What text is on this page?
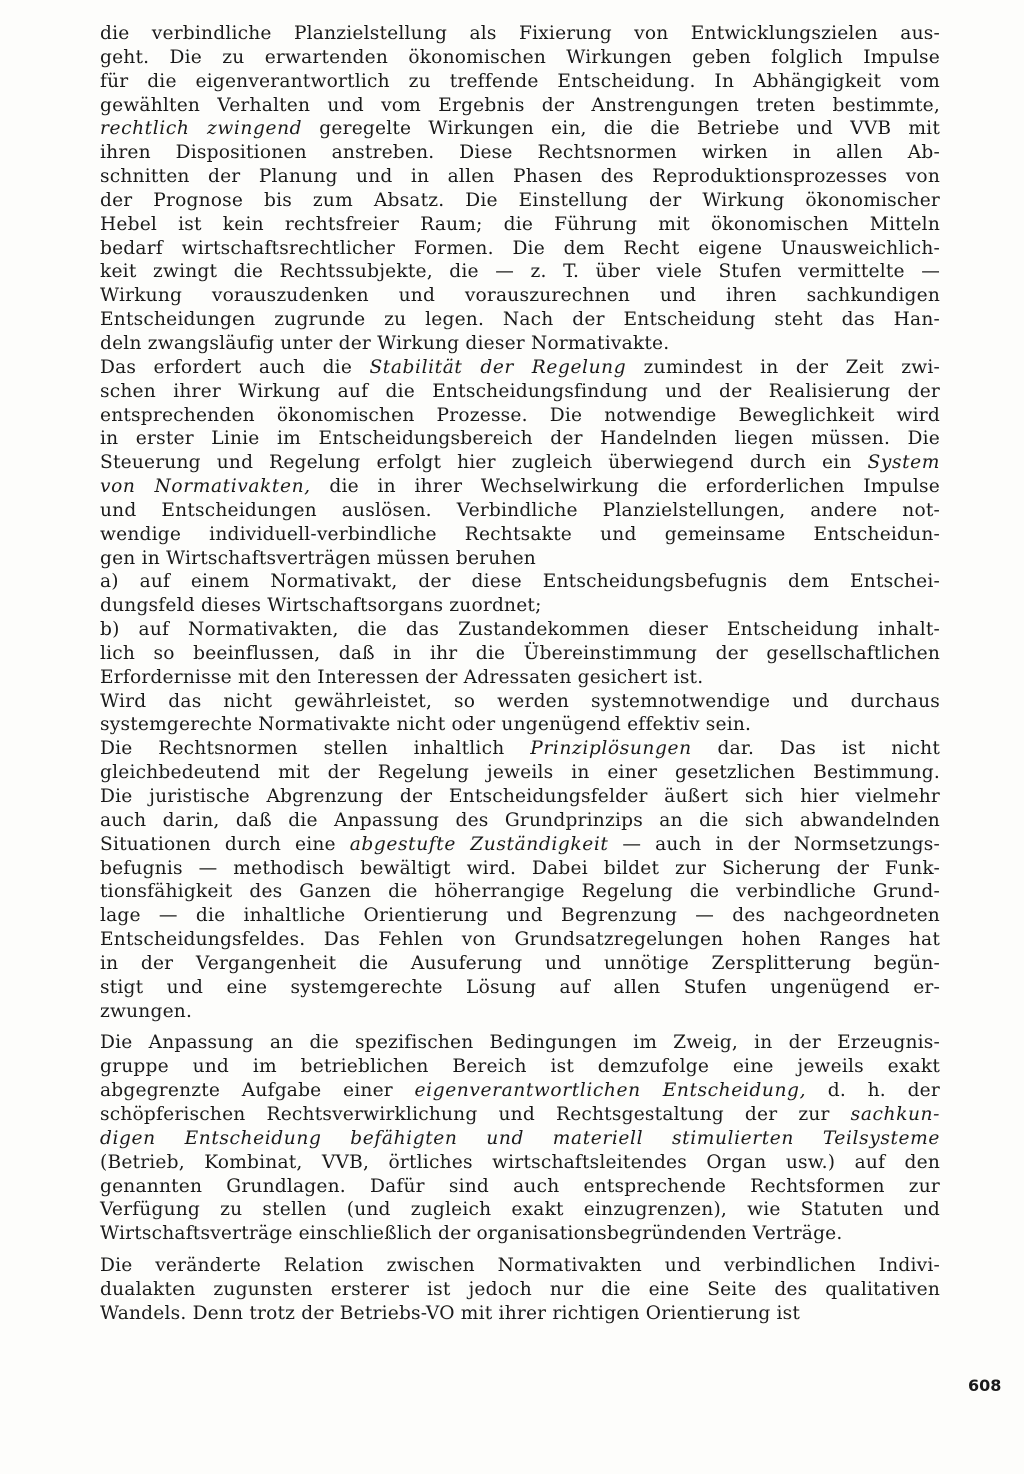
die verbindliche Planzielstellung als Fixierung von Entwicklungszielen aus-
geht. Die zu erwartenden ökonomischen Wirkungen geben folglich Impulse
für die eigenverantwortlich zu treffende Entscheidung. In Abhängigkeit vom
gewählten Verhalten und vom Ergebnis der Anstrengungen treten bestimmte,
rechtlich zwingend geregelte Wirkungen ein, die die Betriebe und VVB mit
ihren Dispositionen anstreben. Diese Rechtsnormen wirken in allen Ab-
schnitten der Planung und in allen Phasen des Reproduktionsprozesses von
der Prognose bis zum Absatz. Die Einstellung der Wirkung ökonomischer
Hebel ist kein rechtsfreier Raum; die Führung mit ökonomischen Mitteln
bedarf wirtschaftsrechtlicher Formen. Die dem Recht eigene Unausweichlich-
keit zwingt die Rechtssubjekte, die — z. T. über viele Stufen vermittelte —
Wirkung vorauszudenken und vorauszurechnen und ihren sachkundigen
Entscheidungen zugrunde zu legen. Nach der Entscheidung steht das Han-
deln zwangsläufig unter der Wirkung dieser Normativakte.
Das erfordert auch die Stabilität der Regelung zumindest in der Zeit zwi-
schen ihrer Wirkung auf die Entscheidungsfindung und der Realisierung der
entsprechenden ökonomischen Prozesse. Die notwendige Beweglichkeit wird
in erster Linie im Entscheidungsbereich der Handelnden liegen müssen. Die
Steuerung und Regelung erfolgt hier zugleich überwiegend durch ein System
von Normativakten, die in ihrer Wechselwirkung die erforderlichen Impulse
und Entscheidungen auslösen. Verbindliche Planzielstellungen, andere not-
wendige individuell-verbindliche Rechtsakte und gemeinsame Entscheidun-
gen in Wirtschaftsverträgen müssen beruhen
a) auf einem Normativakt, der diese Entscheidungsbefugnis dem Entschei-
dungsfeld dieses Wirtschaftsorgans zuordnet;
b) auf Normativakten, die das Zustandekommen dieser Entscheidung inhalt-
lich so beeinflussen, daß in ihr die Übereinstimmung der gesellschaftlichen
Erfordernisse mit den Interessen der Adressaten gesichert ist.
Wird das nicht gewährleistet, so werden systemnotwendige und durchaus
systemgerechte Normativakte nicht oder ungenügend effektiv sein.
Die Rechtsnormen stellen inhaltlich Prinziplösungen dar. Das ist nicht
gleichbedeutend mit der Regelung jeweils in einer gesetzlichen Bestimmung.
Die juristische Abgrenzung der Entscheidungsfelder äußert sich hier vielmehr
auch darin, daß die Anpassung des Grundprinzips an die sich abwandelnden
Situationen durch eine abgestufte Zuständigkeit — auch in der Normsetzungs-
befugnis — methodisch bewältigt wird. Dabei bildet zur Sicherung der Funk-
tionsfähigkeit des Ganzen die höherrangige Regelung die verbindliche Grund-
lage — die inhaltliche Orientierung und Begrenzung — des nachgeordneten
Entscheidungsfeldes. Das Fehlen von Grundsatzregelungen hohen Ranges hat
in der Vergangenheit die Ausuferung und unnötige Zersplitterung begün-
stigt und eine systemgerechte Lösung auf allen Stufen ungenügend er-
zwungen.
Die Anpassung an die spezifischen Bedingungen im Zweig, in der Erzeugnis-
gruppe und im betrieblichen Bereich ist demzufolge eine jeweils exakt
abgegrenzte Aufgabe einer eigenverantwortlichen Entscheidung, d. h. der
schöpferischen Rechtsverwirklichung und Rechtsgestaltung der zur sachkun-
digen Entscheidung befähigten und materiell stimulierten Teilsysteme
(Betrieb, Kombinat, VVB, örtliches wirtschaftsleitendes Organ usw.) auf den
genannten Grundlagen. Dafür sind auch entsprechende Rechtsformen zur
Verfügung zu stellen (und zugleich exakt einzugrenzen), wie Statuten und
Wirtschaftsverträge einschließlich der organisationsbegründenden Verträge.
Die veränderte Relation zwischen Normativakten und verbindlichen Indivi-
dualakten zugunsten ersterer ist jedoch nur die eine Seite des qualitativen
Wandels. Denn trotz der Betriebs-VO mit ihrer richtigen Orientierung ist
608
